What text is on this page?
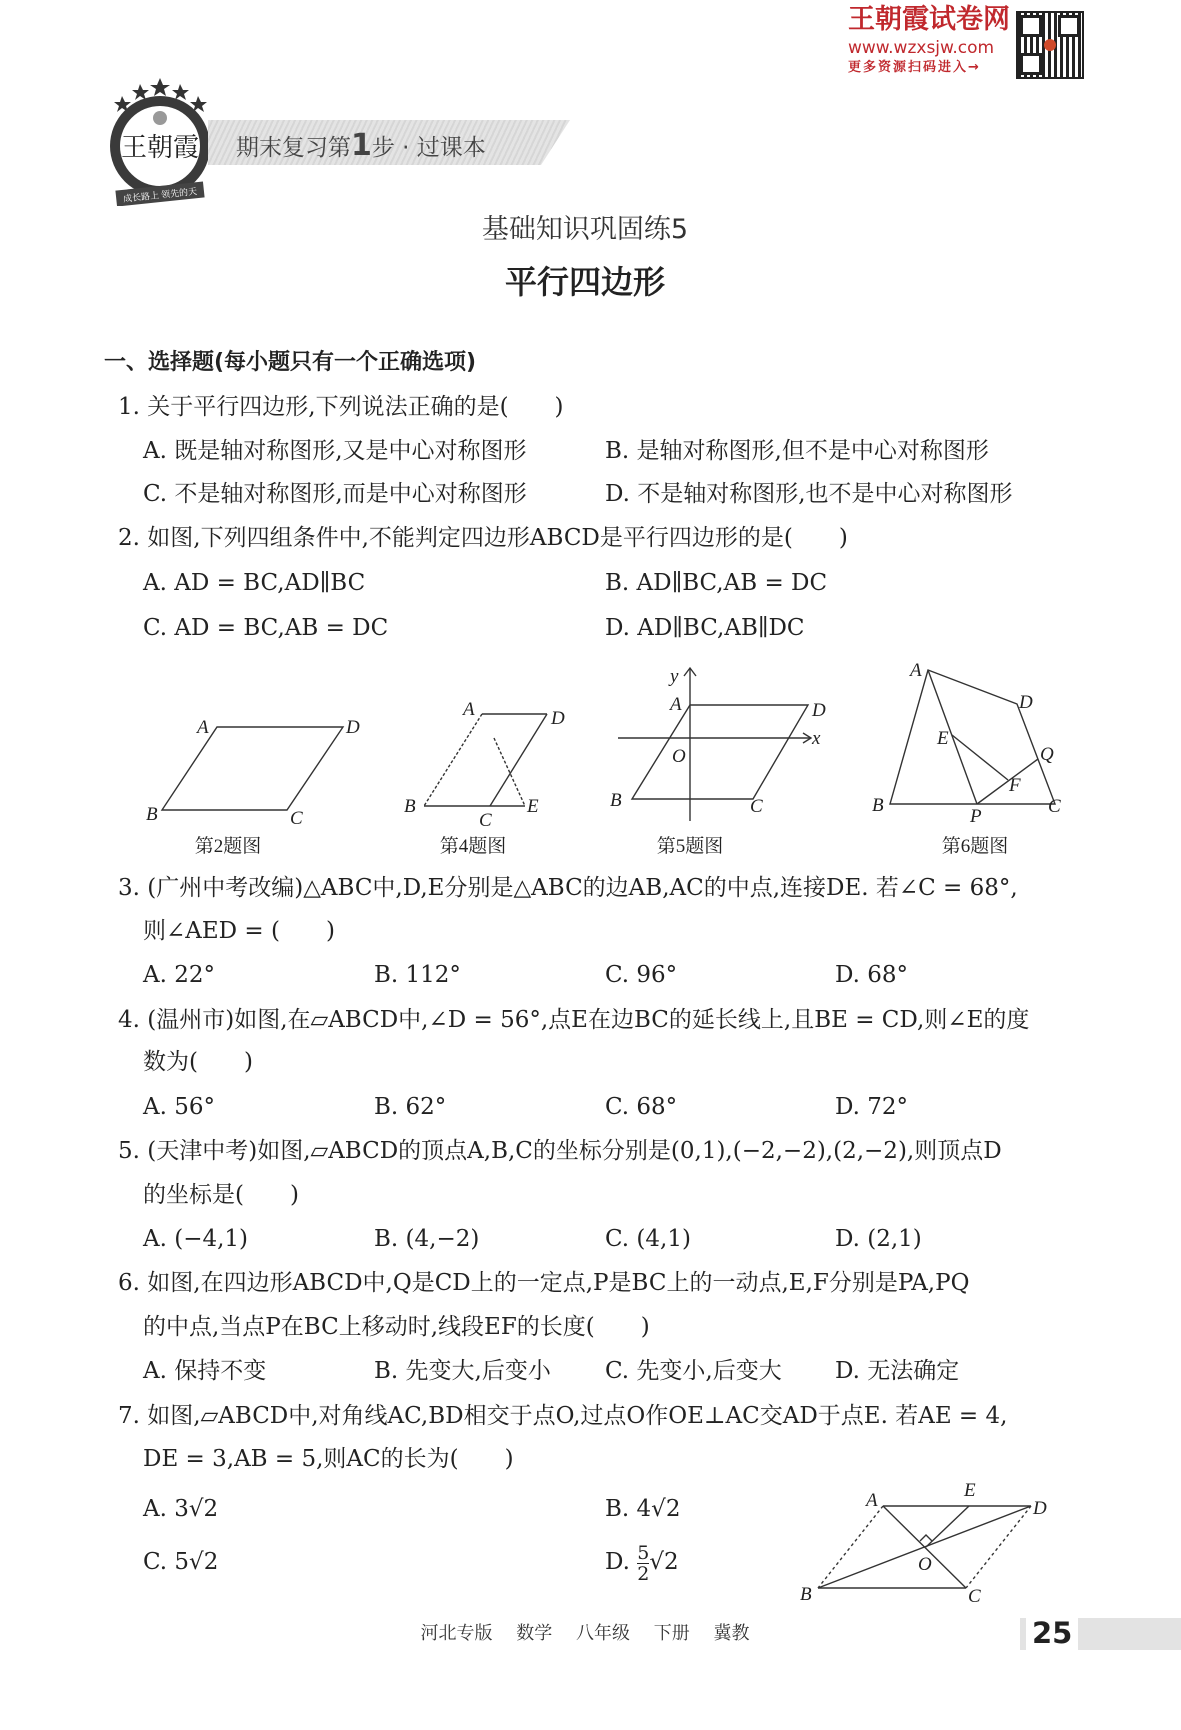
王朝霞试卷网
www.wzxsjw.com
更多资源扫码进入→
王朝霞
成长路上 领先的天
期末复习第1步 · 过课本
基础知识巩固练5
平行四边形
一、选择题(每小题只有一个正确选项)
1. 关于平行四边形,下列说法正确的是(　　)
A. 既是轴对称图形,又是中心对称图形	B. 是轴对称图形,但不是中心对称图形
C. 不是轴对称图形,而是中心对称图形	D. 不是轴对称图形,也不是中心对称图形
2. 如图,下列四组条件中,不能判定四边形ABCD是平行四边形的是(　　)
A. AD = BC,AD∥BC	B. AD∥BC,AB = DC
C. AD = BC,AB = DC	D. AD∥BC,AB∥DC
A	D
B	C
A	D
B
C
E
A	D
B	C
O
x
y	A
D
E
Q
F
B
P	C
第2题图	第4题图	第5题图	第6题图
3. (广州中考改编)△ABC中,D,E分别是△ABC的边AB,AC的中点,连接DE. 若∠C = 68°,
则∠AED = (　　)
A. 22°	B. 112°	C. 96°	D. 68°
4. (温州市)如图,在▱ABCD中,∠D = 56°,点E在边BC的延长线上,且BE = CD,则∠E的度
数为(　　)
A. 56°	B. 62°	C. 68°	D. 72°
5. (天津中考)如图,▱ABCD的顶点A,B,C的坐标分别是(0,1),(−2,−2),(2,−2),则顶点D
的坐标是(　　)
A. (−4,1)	B. (4,−2)	C. (4,1)	D. (2,1)
6. 如图,在四边形ABCD中,Q是CD上的一定点,P是BC上的一动点,E,F分别是PA,PQ
的中点,当点P在BC上移动时,线段EF的长度(　　)
A. 保持不变	B. 先变大,后变小 C. 先变小,后变大 D. 无法确定
7. 如图,▱ABCD中,对角线AC,BD相交于点O,过点O作OE⊥AC交AD于点E. 若AE = 4,
DE = 3,AB = 5,则AC的长为(　　)
A. 3√2	B. 4√2
C. 5√2	D. $\frac{5}{2} √2$
A	E
D
B	C
O
河北专版  数学  八年级  下册  冀教	25
